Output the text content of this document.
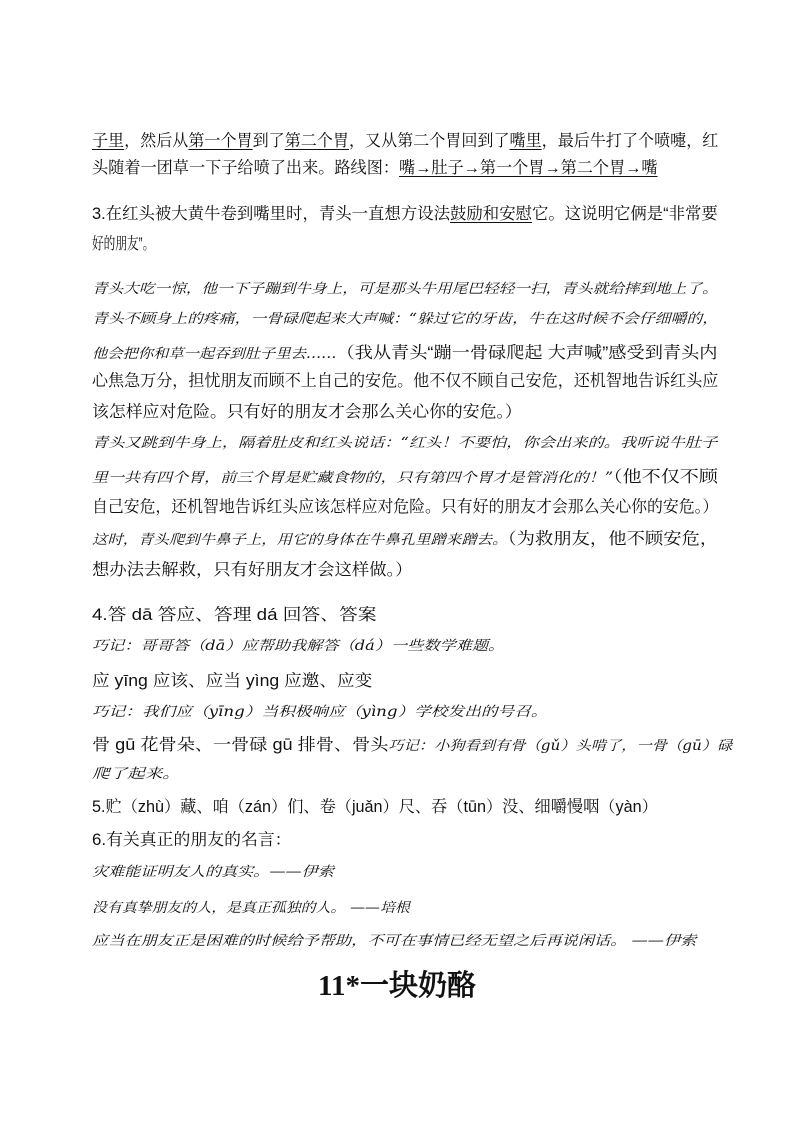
子里，然后从第一个胃到了第二个胃，又从第二个胃回到了嘴里，最后牛打了个喷嚏，红
头随着一团草一下子给喷了出来。路线图：嘴→肚子→第一个胃→第二个胃→嘴
3.在红头被大黄牛卷到嘴里时，青头一直想方设法鼓励和安慰它。这说明它俩是“非常要
好的朋友”。
青头大吃一惊，他一下子蹦到牛身上，可是那头牛用尾巴轻轻一扫，青头就给摔到地上了。
青头不顾身上的疼痛，一骨碌爬起来大声喊：“躲过它的牙齿，牛在这时候不会仔细嚼的，
他会把你和草一起吞到肚子里去……（我从青头“蹦一骨碌爬起 大声喊”感受到青头内
心焦急万分，担忧朋友而顾不上自己的安危。他不仅不顾自己安危，还机智地告诉红头应
该怎样应对危险。只有好的朋友才会那么关心你的安危。）
青头又跳到牛身上，隔着肚皮和红头说话：“红头！不要怕，你会出来的。我听说牛肚子
里一共有四个胃，前三个胃是贮藏食物的，只有第四个胃才是管消化的！”（他不仅不顾
自己安危，还机智地告诉红头应该怎样应对危险。只有好的朋友才会那么关心你的安危。）
这时，青头爬到牛鼻子上，用它的身体在牛鼻孔里蹭来蹭去。（为救朋友，他不顾安危，
想办法去解救，只有好朋友才会这样做。）
4.答 dā 答应、答理 dá 回答、答案
巧记：哥哥答（dā）应帮助我解答（dá）一些数学难题。
应 yīng 应该、应当 yìng 应邀、应变
巧记：我们应（yīng）当积极响应（yìng）学校发出的号召。
骨 gū 花骨朵、一骨碌 gū 排骨、骨头巧记：小狗看到有骨（gǔ）头啃了，一骨（gū）碌
爬了起来。
5.贮（zhù）藏、咱（zán）们、卷（juǎn）尺、吞（tūn）没、细嚼慢咽（yàn）
6.有关真正的朋友的名言：
灾难能证明友人的真实。——伊索
没有真挚朋友的人，是真正孤独的人。 ——培根
应当在朋友正是困难的时候给予帮助，不可在事情已经无望之后再说闲话。 ——伊索
11*一块奶酪
